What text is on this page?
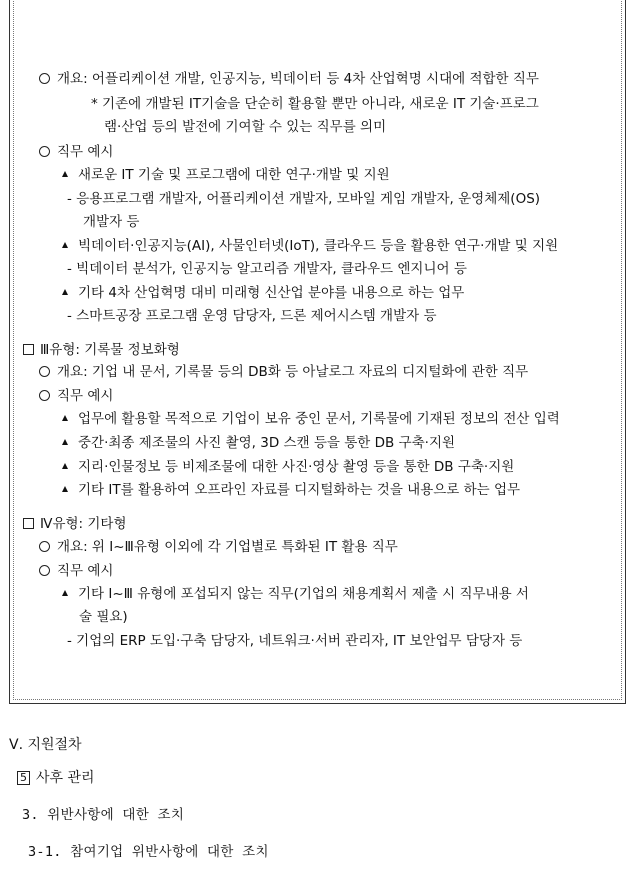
개요: 어플리케이션 개발, 인공지능, 빅데이터 등 4차 산업혁명 시대에 적합한 직무
* 기존에 개발된 IT기술을 단순히 활용할 뿐만 아니라, 새로운 IT 기술·프로그
램·산업 등의 발전에 기여할 수 있는 직무를 의미
직무 예시
새로운 IT 기술 및 프로그램에 대한 연구·개발 및 지원
- 응용프로그램 개발자, 어플리케이션 개발자, 모바일 게임 개발자, 운영체제(OS)
개발자 등
빅데이터·인공지능(AI), 사물인터넷(IoT), 클라우드 등을 활용한 연구·개발 및 지원
- 빅데이터 분석가, 인공지능 알고리즘 개발자, 클라우드 엔지니어 등
기타 4차 산업혁명 대비 미래형 신산업 분야를 내용으로 하는 업무
- 스마트공장 프로그램 운영 담당자, 드론 제어시스템 개발자 등
Ⅲ유형: 기록물 정보화형
개요: 기업 내 문서, 기록물 등의 DB화 등 아날로그 자료의 디지털화에 관한 직무
직무 예시
업무에 활용할 목적으로 기업이 보유 중인 문서, 기록물에 기재된 정보의 전산 입력
중간·최종 제조물의 사진 촬영, 3D 스캔 등을 통한 DB 구축·지원
지리·인물정보 등 비제조물에 대한 사진·영상 촬영 등을 통한 DB 구축·지원
기타 IT를 활용하여 오프라인 자료를 디지털화하는 것을 내용으로 하는 업무
Ⅳ유형: 기타형
개요: 위 Ⅰ~Ⅲ유형 이외에 각 기업별로 특화된 IT 활용 직무
직무 예시
기타 Ⅰ~Ⅲ 유형에 포섭되지 않는 직무(기업의 채용계획서 제출 시 직무내용 서
술 필요)
- 기업의 ERP 도입·구축 담당자, 네트워크·서버 관리자, IT 보안업무 담당자 등
Ⅴ. 지원절차
5 사후 관리
3. 위반사항에 대한 조치
3-1. 참여기업 위반사항에 대한 조치
